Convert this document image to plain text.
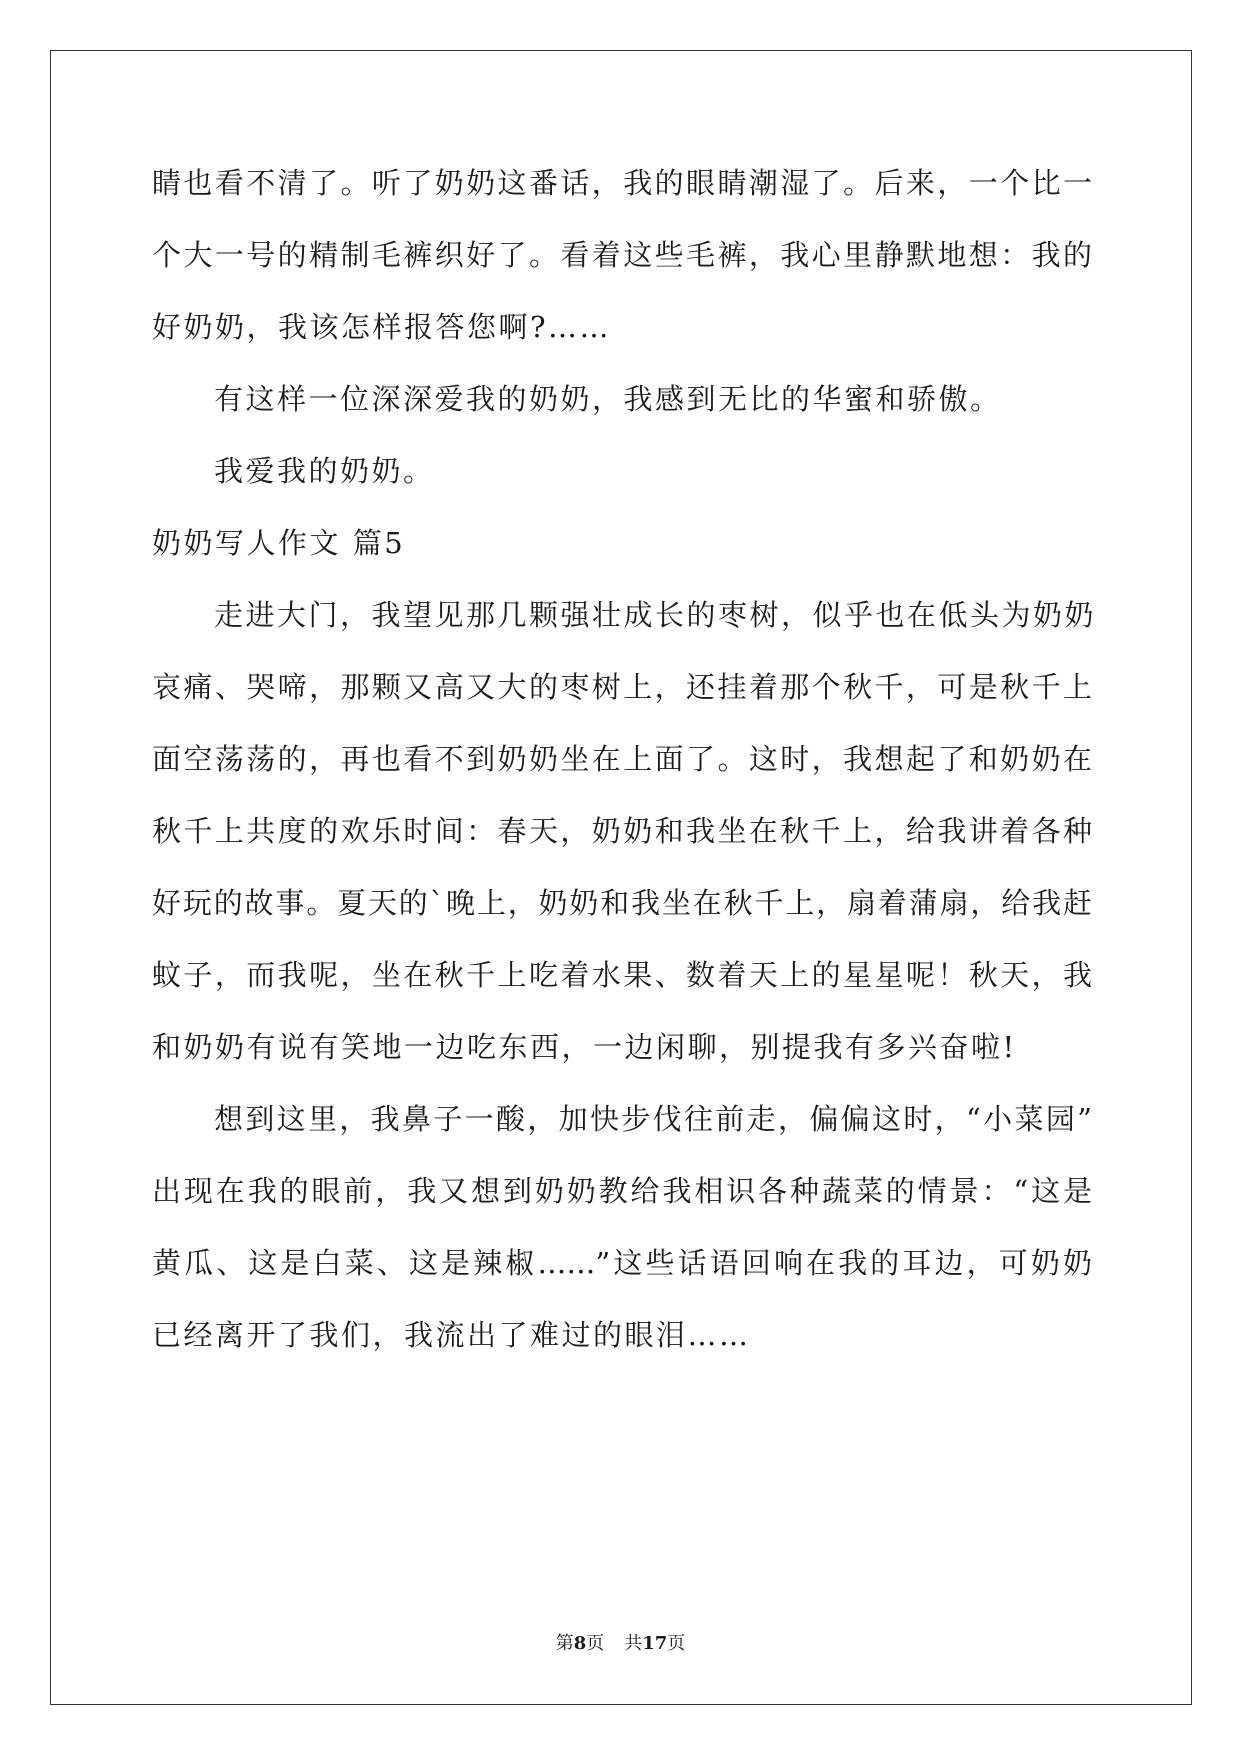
睛也看不清了。听了奶奶这番话，我的眼睛潮湿了。后来，一个比一

个大一号的精制毛裤织好了。看着这些毛裤，我心里静默地想：我的

好奶奶，我该怎样报答您啊?……

有这样一位深深爱我的奶奶，我感到无比的华蜜和骄傲。

我爱我的奶奶。

奶奶写人作文 篇5

走进大门，我望见那几颗强壮成长的枣树，似乎也在低头为奶奶

哀痛、哭啼，那颗又高又大的枣树上，还挂着那个秋千，可是秋千上

面空荡荡的，再也看不到奶奶坐在上面了。这时，我想起了和奶奶在

秋千上共度的欢乐时间：春天，奶奶和我坐在秋千上，给我讲着各种

好玩的故事。夏天的`晚上，奶奶和我坐在秋千上，扇着蒲扇，给我赶

蚊子，而我呢，坐在秋千上吃着水果、数着天上的星星呢！秋天，我

和奶奶有说有笑地一边吃东西，一边闲聊，别提我有多兴奋啦!

想到这里，我鼻子一酸，加快步伐往前走，偏偏这时，“小菜园”

出现在我的眼前，我又想到奶奶教给我相识各种蔬菜的情景：“这是

黄瓜、这是白菜、这是辣椒……”这些话语回响在我的耳边，可奶奶

已经离开了我们，我流出了难过的眼泪……

第8页 共17页
